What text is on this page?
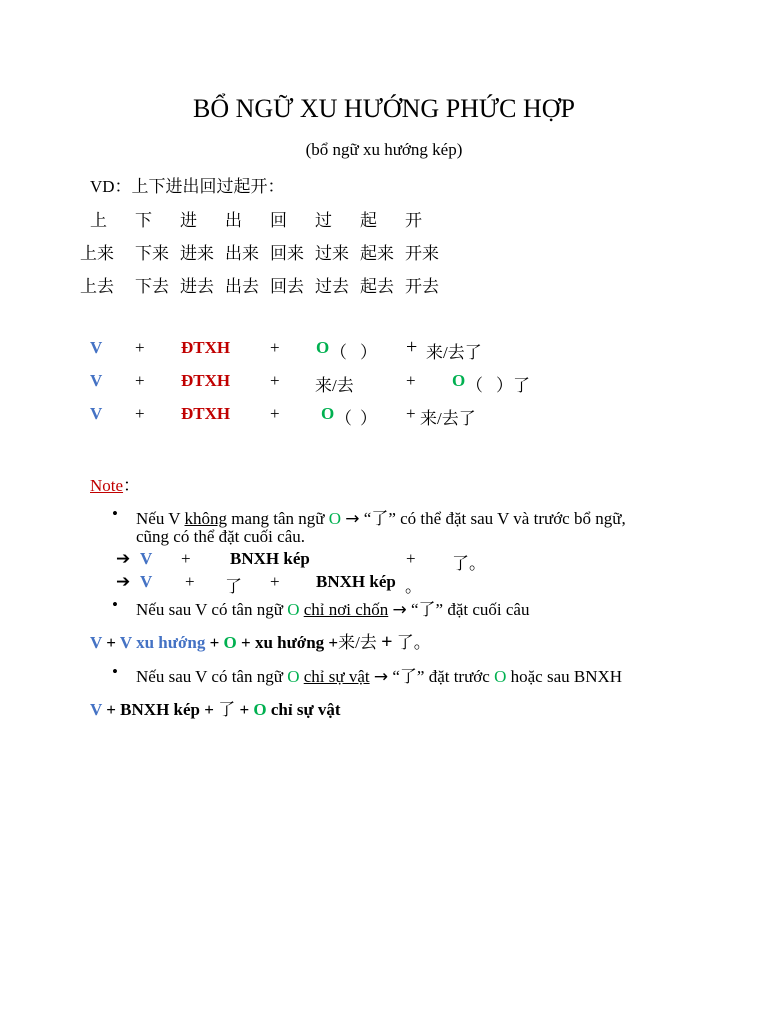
BỔ NGỮ XU HƯỚNG PHỨC HỢP
(bổ ngữ xu hướng kép)
VD：上下进出回过起开：
上 下 进 出 回 过 起 开
上来 下来 进来 出来 回来 过来 起来 开来
上去 下去 进去 出去 回去 过去 起去 开去
V + ĐTXH + O （ ） + 来/去了
V + ĐTXH + 来/去	+ O （ ）了
V + ĐTXH + O （ ） + 来/去了
Note：
• Nếu V không mang tân ngữ O → “了” có thể đặt sau V và trước bổ ngữ,
cũng có thể đặt cuối câu.
➔ V + BNXH kép	+ 了。
➔ V + 了 + BNXH kép 。
• Nếu sau V có tân ngữ O chỉ nơi chốn → “了” đặt cuối câu
V + V xu hướng + O + xu hướng +来/去 + 了。
• Nếu sau V có tân ngữ O chỉ sự vật → “了” đặt trước O hoặc sau BNXH
V + BNXH kép + 了 + O chỉ sự vật
